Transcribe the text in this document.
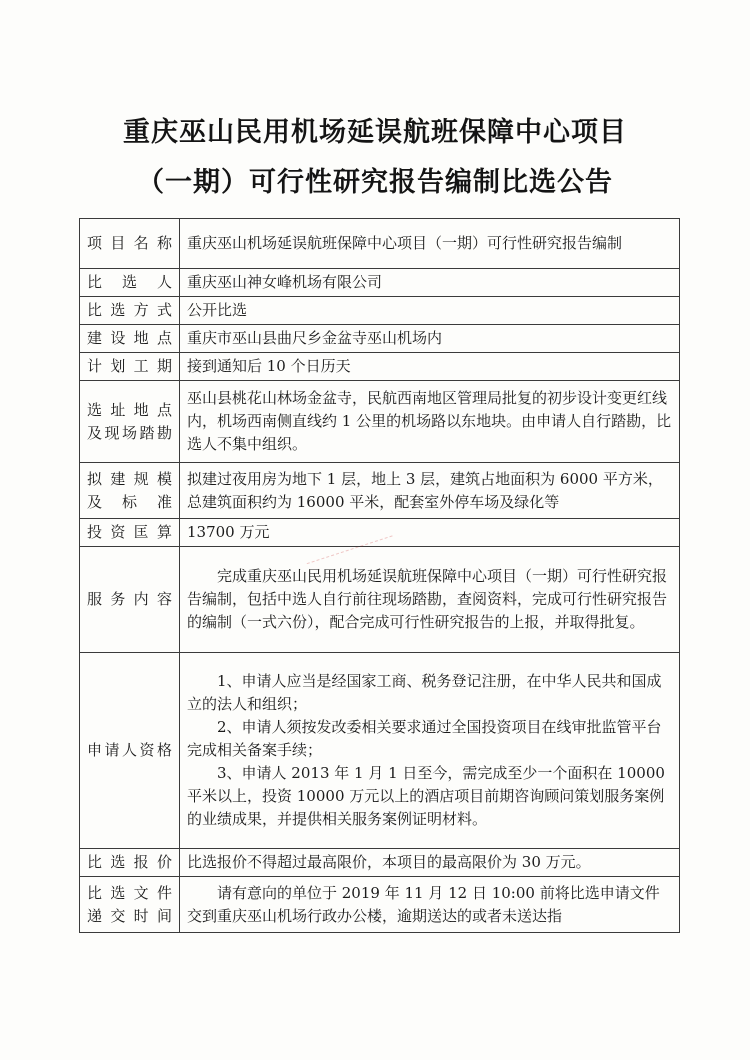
重庆巫山民用机场延误航班保障中心项目
（一期）可行性研究报告编制比选公告
项目名称	重庆巫山机场延误航班保障中心项目（一期）可行性研究报告编制

比选人	重庆巫山神女峰机场有限公司

比选方式	公开比选

建设地点	重庆市巫山县曲尺乡金盆寺巫山机场内

计划工期	接到通知后 10 个日历天

选址地点
及现场踏勘	巫山县桃花山林场金盆寺，民航西南地区管理局批复的初步设计变更红线内，机场西南侧直线约 1 公里的机场路以东地块。由申请人自行踏勘，比选人不集中组织。

拟建规模
及标准	拟建过夜用房为地下 1 层，地上 3 层，建筑占地面积为 6000 平方米，总建筑面积约为 16000 平米，配套室外停车场及绿化等

投资匡算	13700 万元

服务内容	完成重庆巫山民用机场延误航班保障中心项目（一期）可行性研究报告编制，包括中选人自行前往现场踏勘，查阅资料，完成可行性研究报告的编制（一式六份），配合完成可行性研究报告的上报，并取得批复。

申请人资格	1、申请人应当是经国家工商、税务登记注册，在中华人民共和国成立的法人和组织；
2、申请人须按发改委相关要求通过全国投资项目在线审批监管平台完成相关备案手续；
3、申请人 2013 年 1 月 1 日至今，需完成至少一个面积在 10000 平米以上，投资 10000 万元以上的酒店项目前期咨询顾问策划服务案例的业绩成果，并提供相关服务案例证明材料。

比选报价	比选报价不得超过最高限价，本项目的最高限价为 30 万元。

比选文件
递交时间	请有意向的单位于 2019 年 11 月 12 日 10:00 前将比选申请文件交到重庆巫山机场行政办公楼，逾期送达的或者未送达指
